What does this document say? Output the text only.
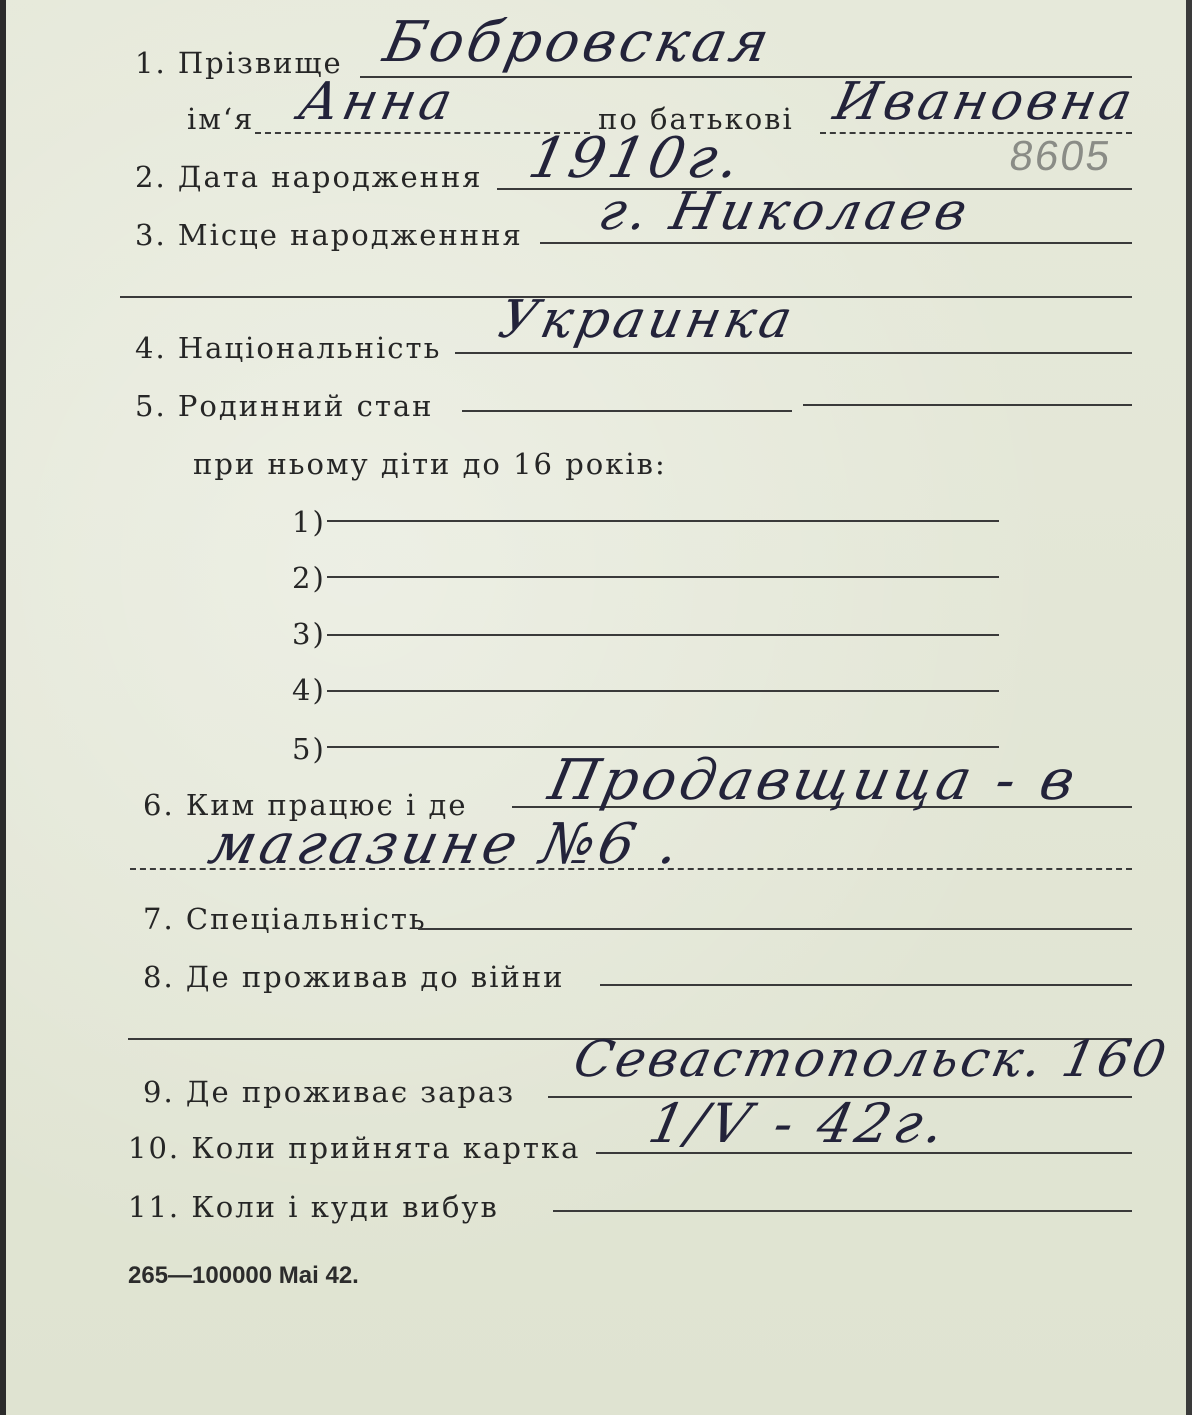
1. Прізвище Бобровская
ім‘я Анна	по батькові Ивановна
2. Дата народження 1910г.	8605
3. Місце народженння г. Николаев
4. Національність Украинка
5. Родинний стан
при ньому діти до 16 років:
1)
2)
3)
4)
5)
6. Ким працює і де Продавщица - в
магазине №6 .
7. Спеціальність
8. Де проживав до війни
9. Де проживає зараз
Севастопольск. 160
10. Коли прийнята картка 1/V - 42г.
11. Коли і куди вибув
265—100000 Mai 42.
